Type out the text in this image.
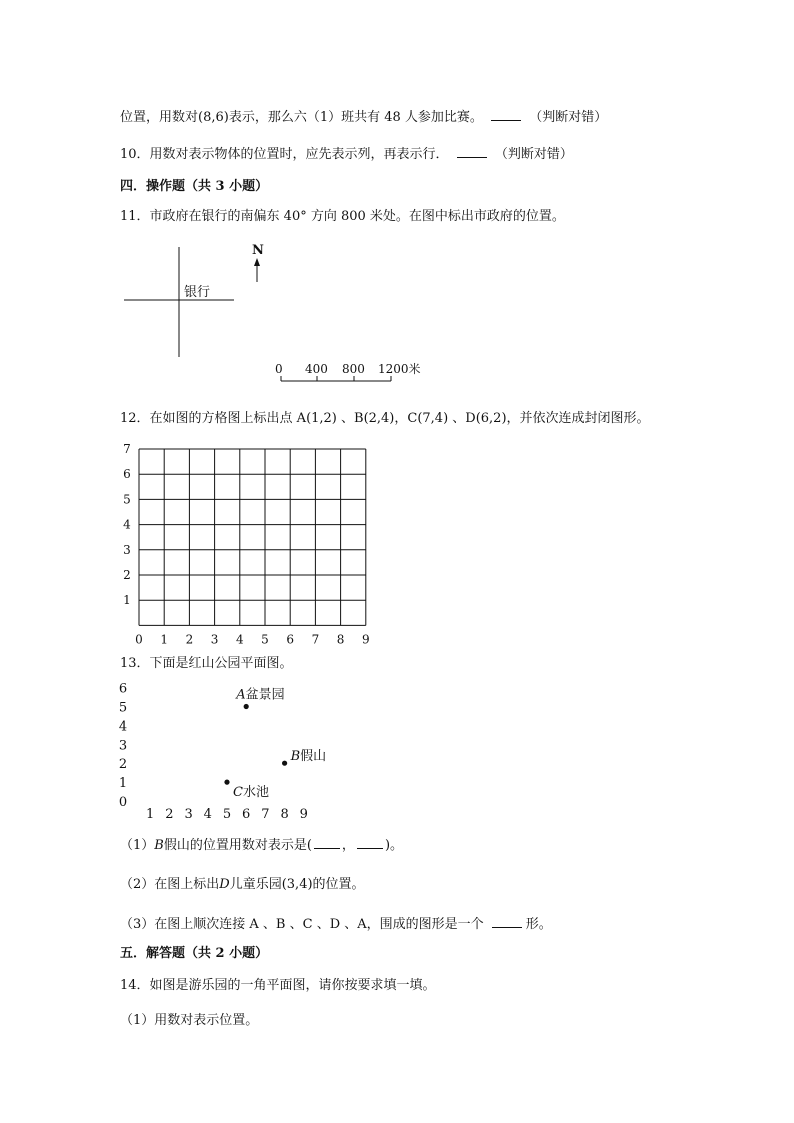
位置，用数对(8,6)表示，那么六（1）班共有 48 人参加比赛。	（判断对错）
10．用数对表示物体的位置时，应先表示列，再表示行．	（判断对错）
四．操作题（共 3 小题）
11．市政府在银行的南偏东 40° 方向 800 米处。在图中标出市政府的位置。
银行
N
0 400 800 1200米
12．在如图的方格图上标出点 A(1,2) 、B(2,4)，C(7,4) 、D(6,2)，并依次连成封闭图形。
0 1 2 3 4 5 6 7 8 9
1
2
3
4
5
6
7
13．下面是红山公园平面图。
0
1
2
3
4
5
6
1 2 3 4 5 6 7 8 9
A盆景园
B假山
C水池
（1）B假山的位置用数对表示是( ， )。
（2）在图上标出D儿童乐园(3,4)的位置。
（3）在图上顺次连接 A 、B 、C 、D 、A，围成的图形是一个	形。
五．解答题（共 2 小题）
14．如图是游乐园的一角平面图，请你按要求填一填。
（1）用数对表示位置。
